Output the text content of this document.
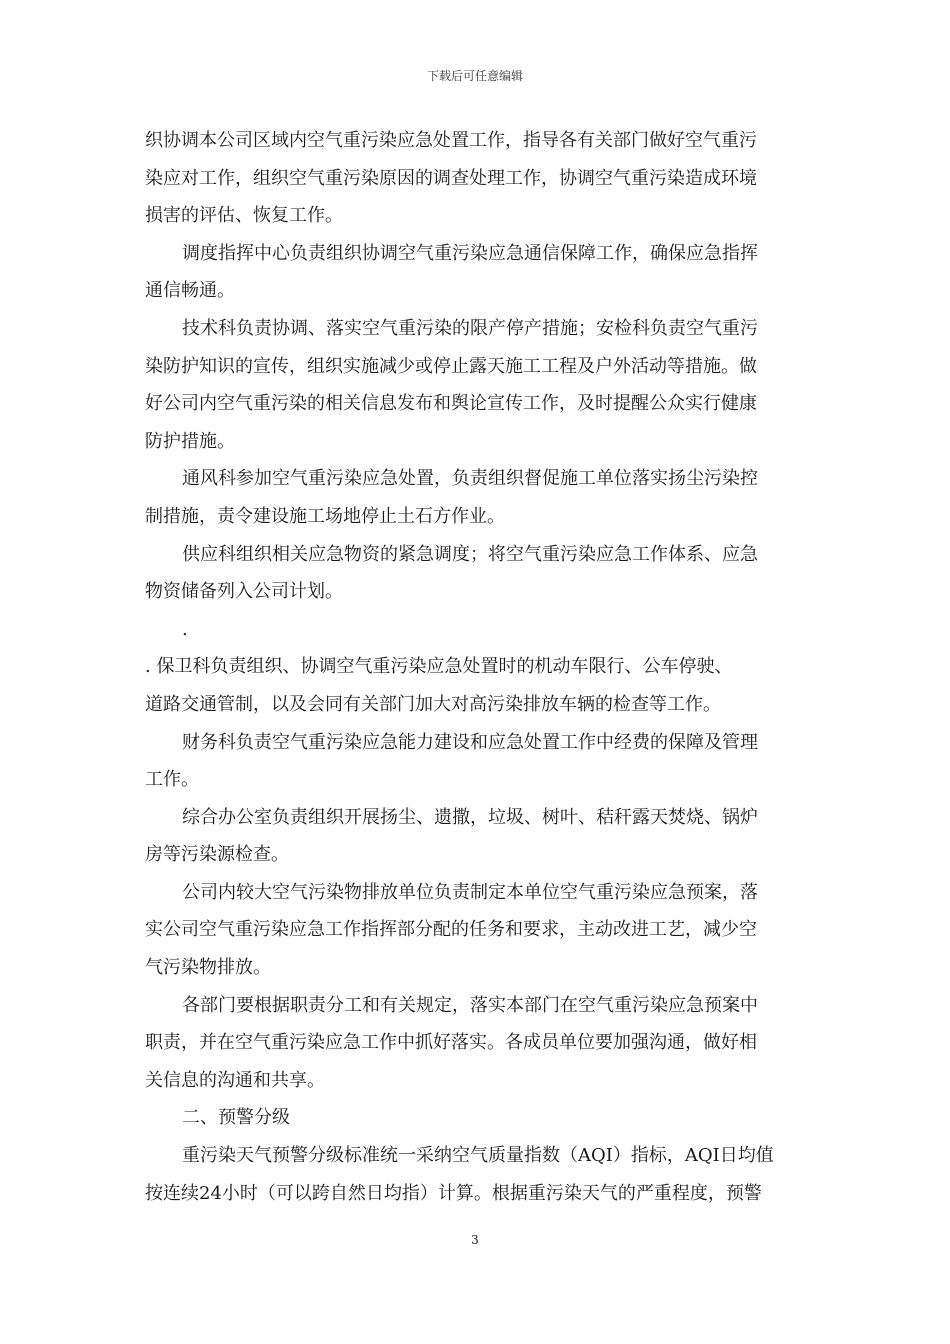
下载后可任意编辑
织协调本公司区域内空气重污染应急处置工作，指导各有关部门做好空气重污
染应对工作，组织空气重污染原因的调查处理工作，协调空气重污染造成环境
损害的评估、恢复工作。
调度指挥中心负责组织协调空气重污染应急通信保障工作，确保应急指挥
通信畅通。
技术科负责协调、落实空气重污染的限产停产措施；安检科负责空气重污
染防护知识的宣传，组织实施减少或停止露天施工工程及户外活动等措施。做
好公司内空气重污染的相关信息发布和舆论宣传工作，及时提醒公众实行健康
防护措施。
通风科参加空气重污染应急处置，负责组织督促施工单位落实扬尘污染控
制措施，责令建设施工场地停止土石方作业。
供应科组织相关应急物资的紧急调度；将空气重污染应急工作体系、应急
物资储备列入公司计划。
.
. 保卫科负责组织、协调空气重污染应急处置时的机动车限行、公车停驶、
道路交通管制，以及会同有关部门加大对高污染排放车辆的检查等工作。
财务科负责空气重污染应急能力建设和应急处置工作中经费的保障及管理
工作。
综合办公室负责组织开展扬尘、遗撒，垃圾、树叶、秸秆露天焚烧、锅炉
房等污染源检查。
公司内较大空气污染物排放单位负责制定本单位空气重污染应急预案，落
实公司空气重污染应急工作指挥部分配的任务和要求，主动改进工艺，减少空
气污染物排放。
各部门要根据职责分工和有关规定，落实本部门在空气重污染应急预案中
职责，并在空气重污染应急工作中抓好落实。各成员单位要加强沟通，做好相
关信息的沟通和共享。
二、预警分级
重污染天气预警分级标准统一采纳空气质量指数（AQI）指标，AQI日均值
按连续24小时（可以跨自然日均指）计算。根据重污染天气的严重程度，预警
3
